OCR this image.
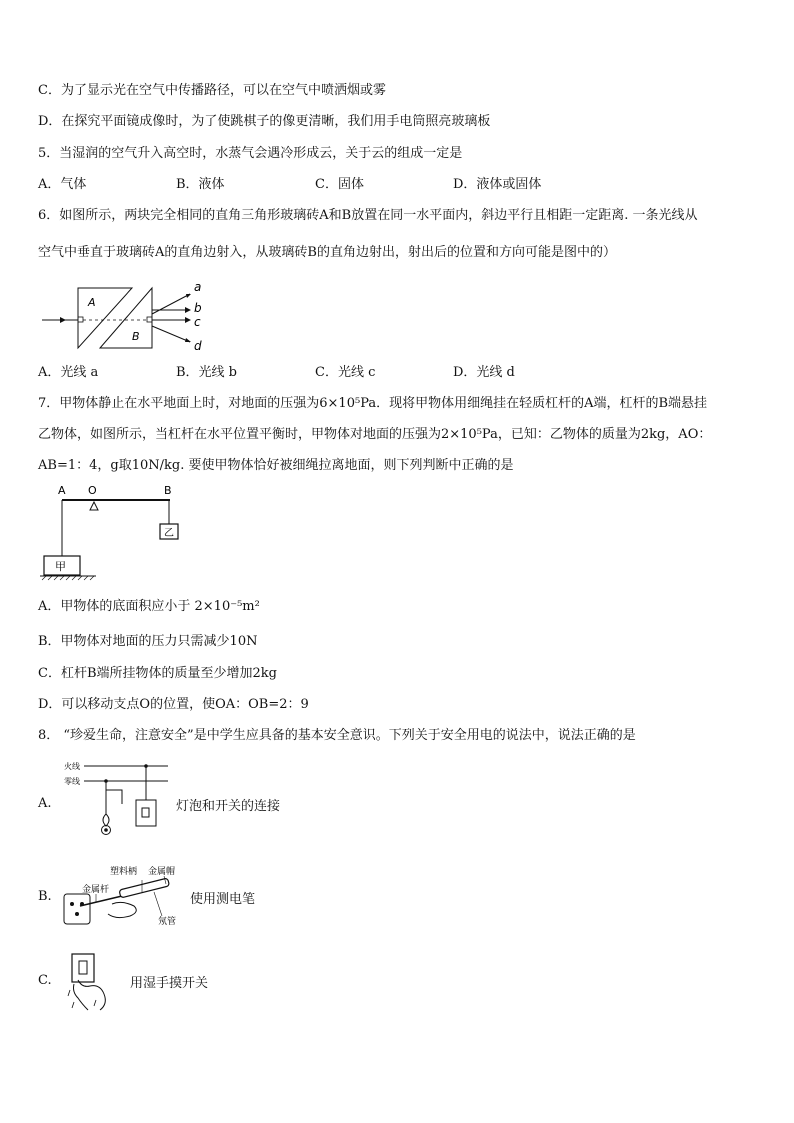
C．为了显示光在空气中传播路径，可以在空气中喷洒烟或雾
D．在探究平面镜成像时，为了使跳棋子的像更清晰，我们用手电筒照亮玻璃板
5．当湿润的空气升入高空时，水蒸气会遇冷形成云，关于云的组成一定是
A．气体	B．液体	C．固体	D．液体或固体
6．如图所示，两块完全相同的直角三角形玻璃砖A和B放置在同一水平面内，斜边平行且相距一定距离. 一条光线从
空气中垂直于玻璃砖A的直角边射入，从玻璃砖B的直角边射出，射出后的位置和方向可能是图中的）
A
B
a
b
c
d
A．光线 a	B．光线 b	C．光线 c	D．光线 d
7．甲物体静止在水平地面上时，对地面的压强为6×10⁵Pa．现将甲物体用细绳挂在轻质杠杆的A端，杠杆的B端悬挂
乙物体，如图所示，当杠杆在水平位置平衡时，甲物体对地面的压强为2×10⁵Pa，已知：乙物体的质量为2kg，AO：
AB=1：4，g取10N/kg. 要使甲物体恰好被细绳拉离地面，则下列判断中正确的是
A O	B
乙
甲
A．甲物体的底面积应小于 2×10⁻⁵m²
B．甲物体对地面的压力只需减少10N
C．杠杆B端所挂物体的质量至少增加2kg
D．可以移动支点O的位置，使OA：OB=2：9
8． “珍爱生命，注意安全”是中学生应具备的基本安全意识。下列关于安全用电的说法中，说法正确的是
A.
火线
零线
灯泡和开关的连接
B.
塑料柄 金属帽
金属杆
氖管
使用测电笔
C.	用湿手摸开关
